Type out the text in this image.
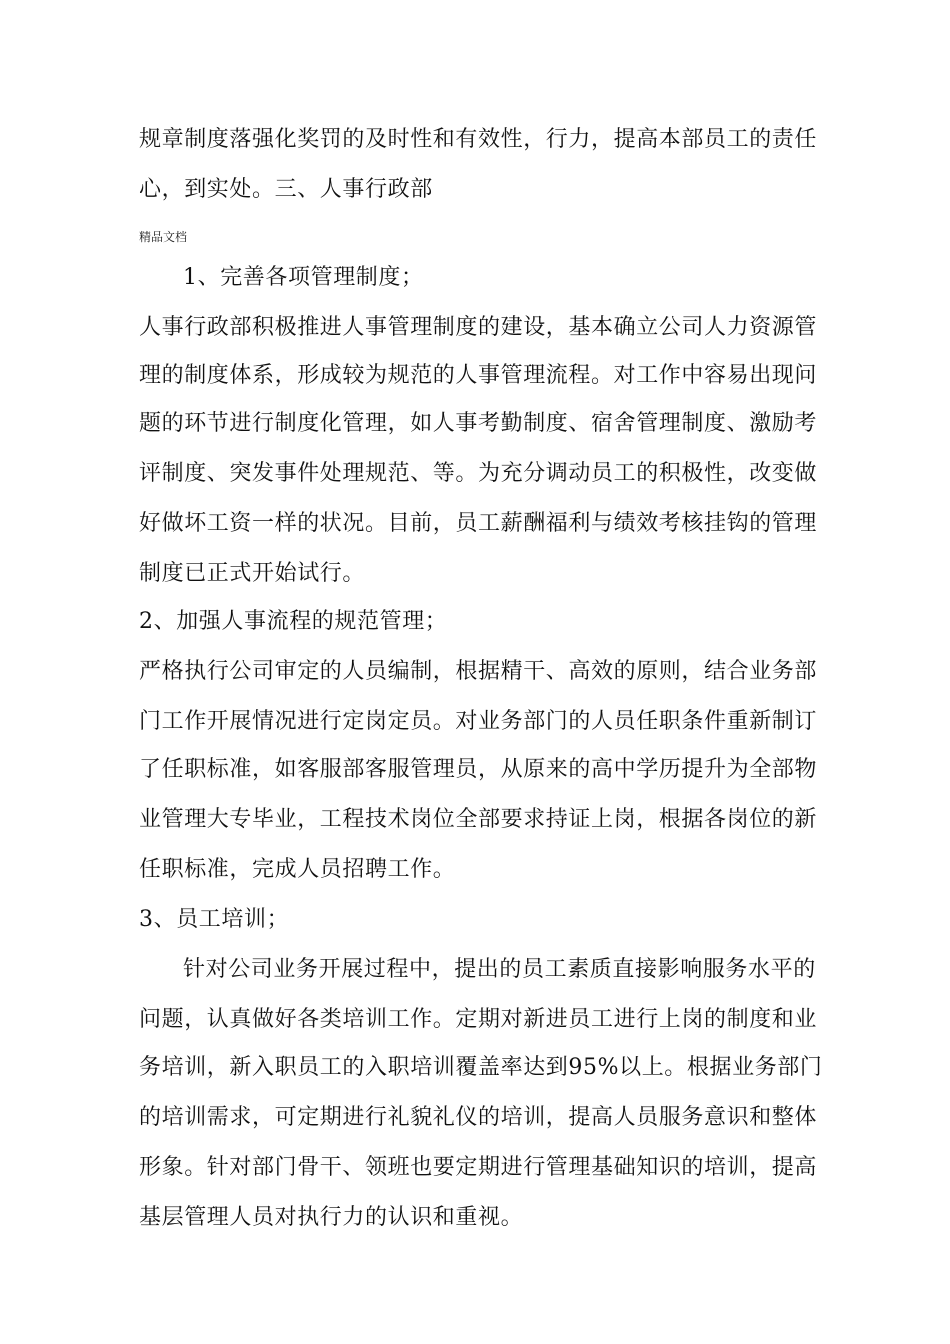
规章制度落强化奖罚的及时性和有效性，行力，提高本部员工的责任
心，到实处。三、人事行政部
精品文档
1、完善各项管理制度；
人事行政部积极推进人事管理制度的建设，基本确立公司人力资源管
理的制度体系，形成较为规范的人事管理流程。对工作中容易出现问
题的环节进行制度化管理，如人事考勤制度、宿舍管理制度、激励考
评制度、突发事件处理规范、等。为充分调动员工的积极性，改变做
好做坏工资一样的状况。目前，员工薪酬福利与绩效考核挂钩的管理
制度已正式开始试行。
2、加强人事流程的规范管理；
严格执行公司审定的人员编制，根据精干、高效的原则，结合业务部
门工作开展情况进行定岗定员。对业务部门的人员任职条件重新制订
了任职标准，如客服部客服管理员，从原来的高中学历提升为全部物
业管理大专毕业，工程技术岗位全部要求持证上岗，根据各岗位的新
任职标准，完成人员招聘工作。
3、员工培训；
针对公司业务开展过程中，提出的员工素质直接影响服务水平的
问题，认真做好各类培训工作。定期对新进员工进行上岗的制度和业
务培训，新入职员工的入职培训覆盖率达到95%以上。根据业务部门
的培训需求，可定期进行礼貌礼仪的培训，提高人员服务意识和整体
形象。针对部门骨干、领班也要定期进行管理基础知识的培训，提高
基层管理人员对执行力的认识和重视。
